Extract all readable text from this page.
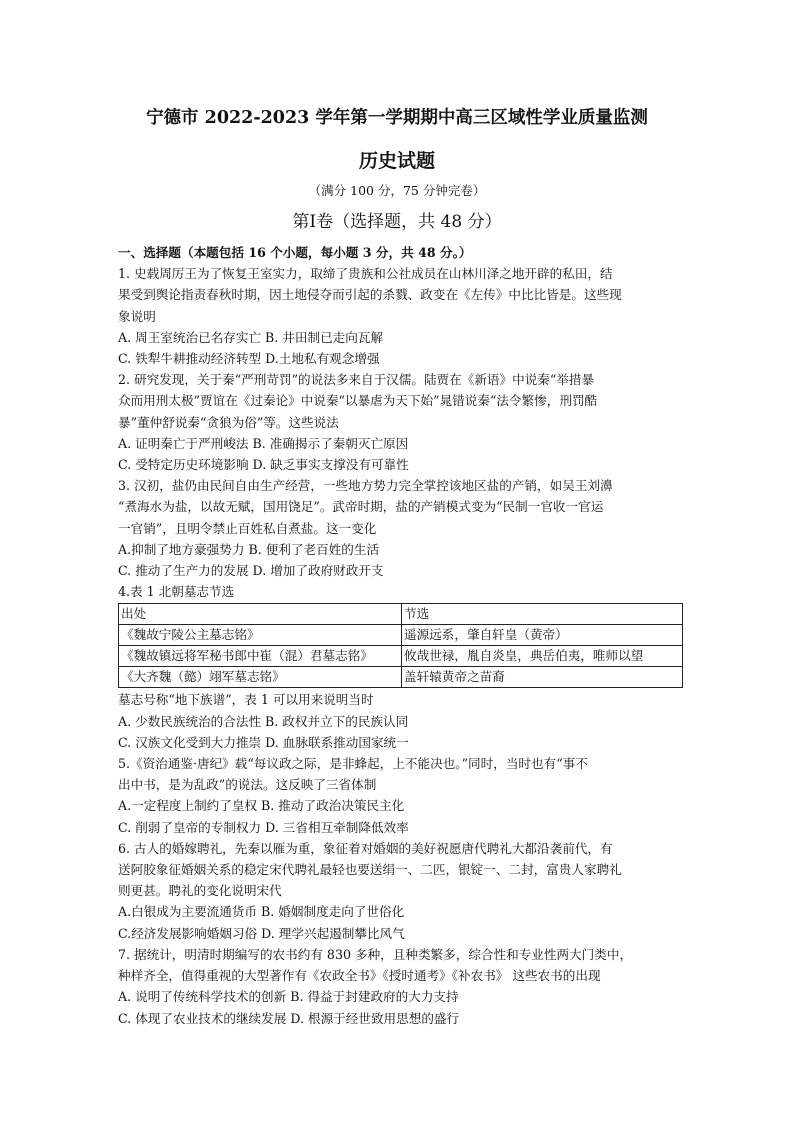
宁德市 2022-2023 学年第一学期期中高三区域性学业质量监测
历史试题
（满分 100 分，75 分钟完卷）
第Ⅰ卷（选择题，共 48 分）

一、选择题（本题包括 16 个小题，每小题 3 分，共 48 分。）

1. 史载周厉王为了恢复王室实力，取缔了贵族和公社成员在山林川泽之地开辟的私田，结

果受到舆论指责春秋时期，因土地侵夺而引起的杀戮、政变在《左传》中比比皆是。这些现

象说明

A. 周王室统治已名存实亡 B. 井田制已走向瓦解

C. 铁犁牛耕推动经济转型 D.土地私有观念增强

2. 研究发现，关于秦“严刑苛罚”的说法多来自于汉儒。陆贾在《新语》中说秦“举措暴

众而用刑太极”贾谊在《过秦论》中说秦“以暴虐为天下始”晁错说秦“法令繁惨，刑罚酷

暴”董仲舒说秦“贪狼为俗”等。这些说法

A. 证明秦亡于严刑峻法 B. 准确揭示了秦朝灭亡原因

C. 受特定历史环境影响 D. 缺乏事实支撑没有可靠性

3. 汉初，盐仍由民间自由生产经营，一些地方势力完全掌控该地区盐的产销，如吴王刘濞

“煮海水为盐，以故无赋，国用饶足”。武帝时期，盐的产销模式变为“民制一官收一官运

一官销”，且明令禁止百姓私自煮盐。这一变化

A.抑制了地方豪强势力 B. 便利了老百姓的生活

C. 推动了生产力的发展 D. 增加了政府财政开支

4.表 1 北朝墓志节选

出处	节选
《魏故宁陵公主墓志铭》	遥源远系，肇自轩皇（黄帝）
《魏故镇远将军秘书郎中崔（混）君墓志铭》	攸哉世禄，胤自炎皇，典岳伯夷，唯师以望
《大齐魏（懿）翊军墓志铭》	盖轩辕黄帝之苗裔

墓志号称“地下族谱”，表 1 可以用来说明当时

A. 少数民族统治的合法性 B. 政权并立下的民族认同

C. 汉族文化受到大力推崇 D. 血脉联系推动国家统一

5.《资治通鉴·唐纪》载“每议政之际，是非蜂起，上不能决也。”同时，当时也有“事不

出中书，是为乱政”的说法。这反映了三省体制

A.一定程度上制约了皇权 B. 推动了政治决策民主化

C. 削弱了皇帝的专制权力 D. 三省相互牵制降低效率

6. 古人的婚嫁聘礼，先秦以雁为重，象征着对婚姻的美好祝愿唐代聘礼大都沿袭前代，有

送阿胶象征婚姻关系的稳定宋代聘礼最轻也要送绢一、二匹，银锭一、二封，富贵人家聘礼

则更甚。聘礼的变化说明宋代

A.白银成为主要流通货币 B. 婚姻制度走向了世俗化

C.经济发展影响婚姻习俗 D. 理学兴起遏制攀比风气

7. 据统计，明清时期编写的农书约有 830 多种，且种类繁多，综合性和专业性两大门类中，

种样齐全，值得重视的大型著作有《农政全书》《授时通考》《补农书》 这些农书的出现

A. 说明了传统科学技术的创新 B. 得益于封建政府的大力支持

C. 体现了农业技术的继续发展 D. 根源于经世致用思想的盛行
